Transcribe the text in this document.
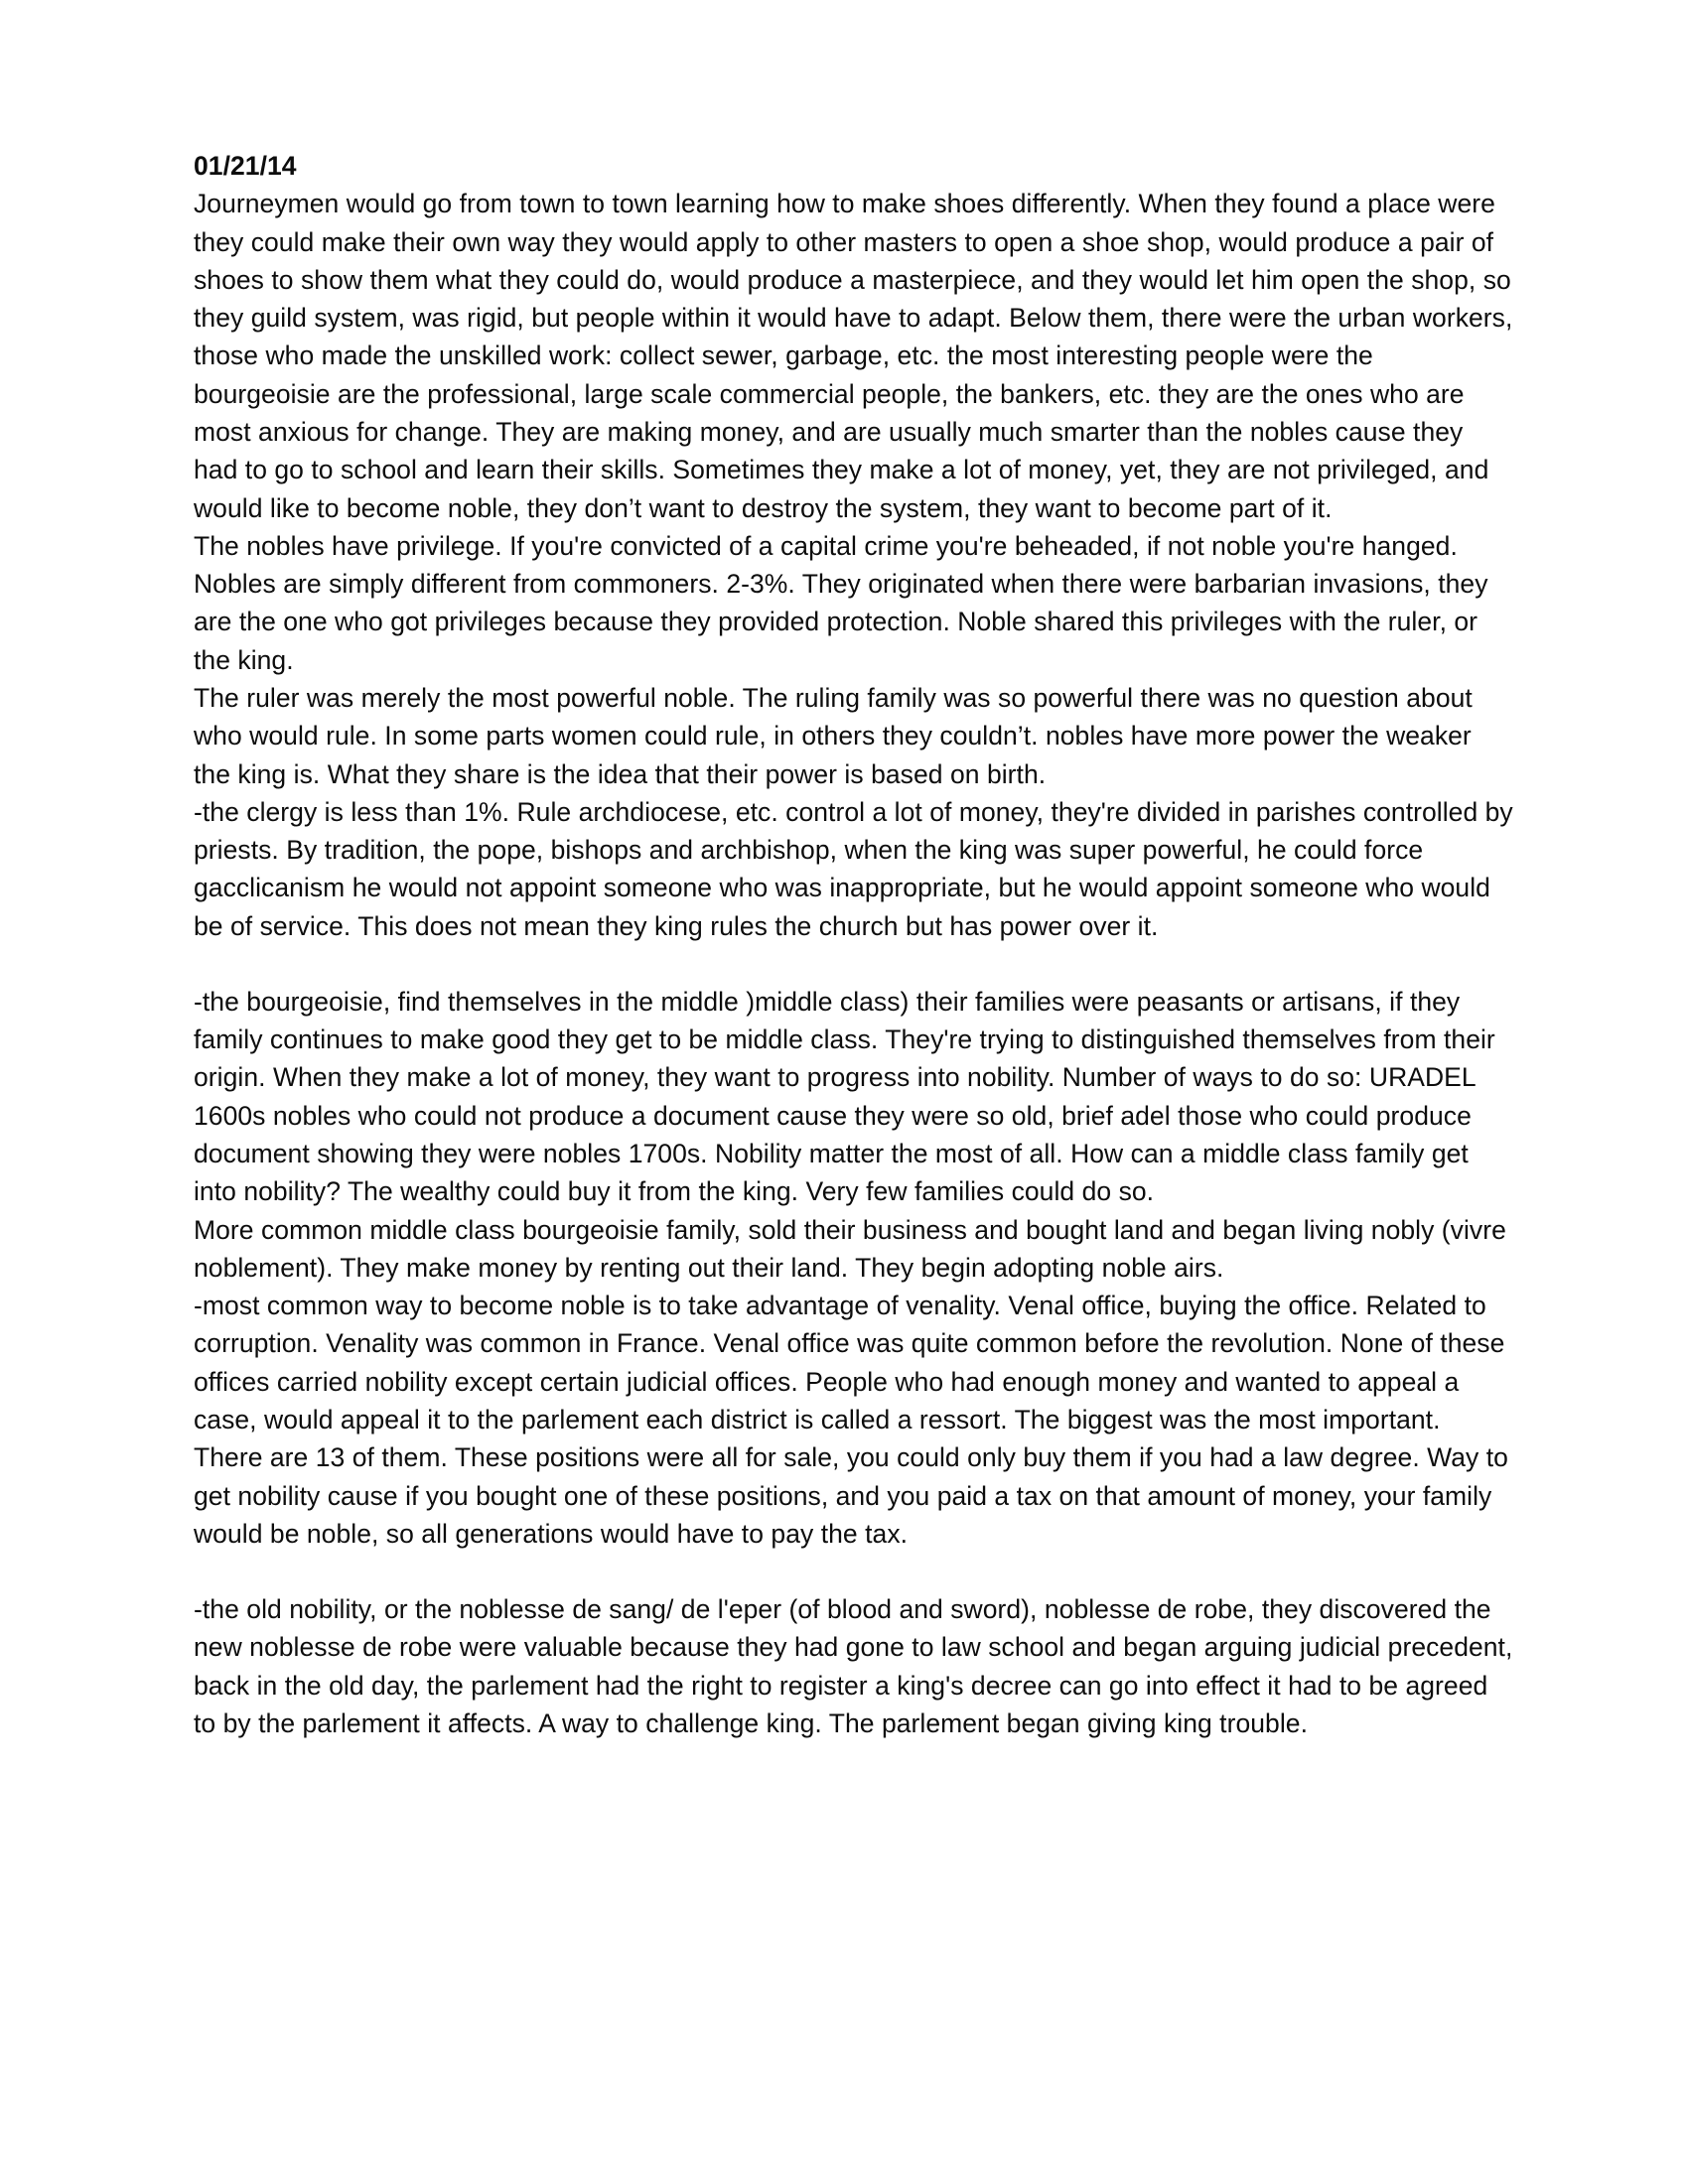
01/21/14

Journeymen would go from town to town learning how to make shoes differently. When they found a place were they could make their own way they would apply to other masters to open a shoe shop, would produce a pair of shoes to show them what they could do, would produce a masterpiece, and they would let him open the shop, so they guild system, was rigid, but people within it would have to adapt. Below them, there were the urban workers, those who made the unskilled work: collect sewer, garbage, etc. the most interesting people were the bourgeoisie are the professional, large scale commercial people, the bankers, etc. they are the ones who are most anxious for change. They are making money, and are usually much smarter than the nobles cause they had to go to school and learn their skills. Sometimes they make a lot of money, yet, they are not privileged, and would like to become noble, they don’t want to destroy the system, they want to become part of it.

The nobles have privilege. If you're convicted of a capital crime you're beheaded, if not noble you're hanged. Nobles are simply different from commoners. 2-3%. They originated when there were barbarian invasions, they are the one who got privileges because they provided protection. Noble shared this privileges with the ruler, or the king.

The ruler was merely the most powerful noble. The ruling family was so powerful there was no question about who would rule. In some parts women could rule, in others they couldn’t. nobles have more power the weaker the king is. What they share is the idea that their power is based on birth.

-the clergy is less than 1%. Rule archdiocese, etc. control a lot of money, they're divided in parishes controlled by priests. By tradition, the pope, bishops and archbishop, when the king was super powerful, he could force gacclicanism he would not appoint someone who was inappropriate, but he would appoint someone who would be of service. This does not mean they king rules the church but has power over it.

-the bourgeoisie, find themselves in the middle )middle class) their families were peasants or artisans, if they family continues to make good they get to be middle class. They're trying to distinguished themselves from their origin. When they make a lot of money, they want to progress into nobility. Number of ways to do so: URADEL 1600s nobles who could not produce a document cause they were so old, brief adel those who could produce document showing they were nobles 1700s. Nobility matter the most of all. How can a middle class family get into nobility? The wealthy could buy it from the king. Very few families could do so.

More common middle class bourgeoisie family, sold their business and bought land and began living nobly (vivre noblement). They make money by renting out their land. They begin adopting noble airs.

-most common way to become noble is to take advantage of venality. Venal office, buying the office. Related to corruption. Venality was common in France. Venal office was quite common before the revolution. None of these offices carried nobility except certain judicial offices. People who had enough money and wanted to appeal a case, would appeal it to the parlement each district is called a ressort. The biggest was the most important. There are 13 of them. These positions were all for sale, you could only buy them if you had a law degree. Way to get nobility cause if you bought one of these positions, and you paid a tax on that amount of money, your family would be noble, so all generations would have to pay the tax.

-the old nobility, or the noblesse de sang/ de l'eper (of blood and sword), noblesse de robe, they discovered the new noblesse de robe were valuable because they had gone to law school and began arguing judicial precedent, back in the old day, the parlement had the right to register a king's decree can go into effect it had to be agreed to by the parlement it affects. A way to challenge king. The parlement began giving king trouble.
